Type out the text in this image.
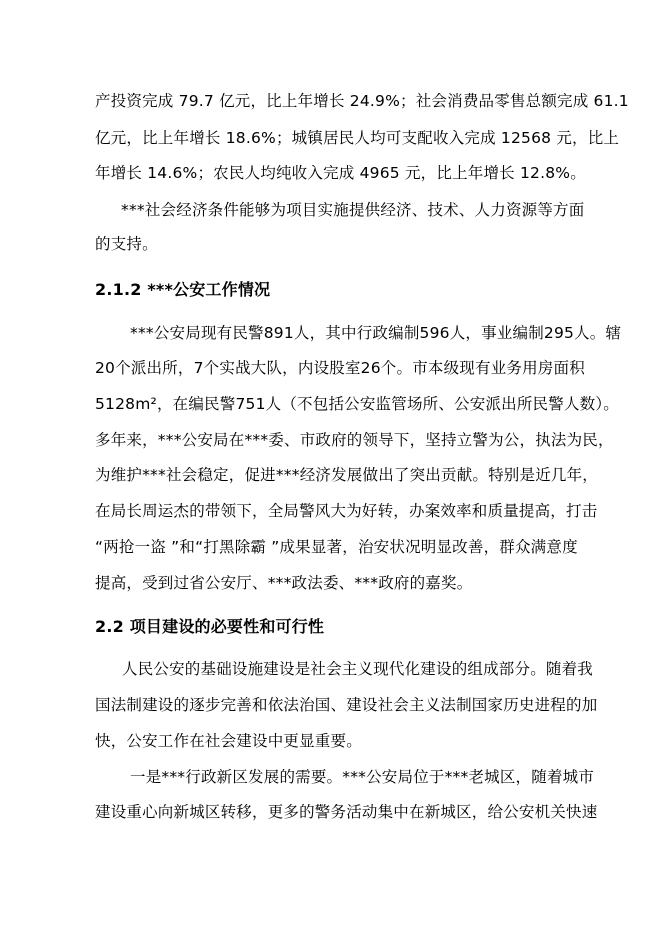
产投资完成 79.7 亿元，比上年增长 24.9%；社会消费品零售总额完成 61.1
亿元，比上年增长 18.6%；城镇居民人均可支配收入完成 12568 元，比上
年增长 14.6%；农民人均纯收入完成 4965 元，比上年增长 12.8%。
***社会经济条件能够为项目实施提供经济、技术、人力资源等方面
的支持。
2.1.2 ***公安工作情况
***公安局现有民警891人，其中行政编制596人，事业编制295人。辖
20个派出所，7个实战大队，内设股室26个。市本级现有业务用房面积
5128m²，在编民警751人（不包括公安监管场所、公安派出所民警人数）。
多年来，***公安局在***委、市政府的领导下，坚持立警为公，执法为民，
为维护***社会稳定，促进***经济发展做出了突出贡献。特别是近几年，
在局长周运杰的带领下，全局警风大为好转，办案效率和质量提高，打击
“两抢一盗 ”和“打黑除霸 ”成果显著，治安状况明显改善，群众满意度
提高，受到过省公安厅、***政法委、***政府的嘉奖。
2.2 项目建设的必要性和可行性
人民公安的基础设施建设是社会主义现代化建设的组成部分。随着我
国法制建设的逐步完善和依法治国、建设社会主义法制国家历史进程的加
快，公安工作在社会建设中更显重要。
一是***行政新区发展的需要。***公安局位于***老城区，随着城市
建设重心向新城区转移，更多的警务活动集中在新城区，给公安机关快速
